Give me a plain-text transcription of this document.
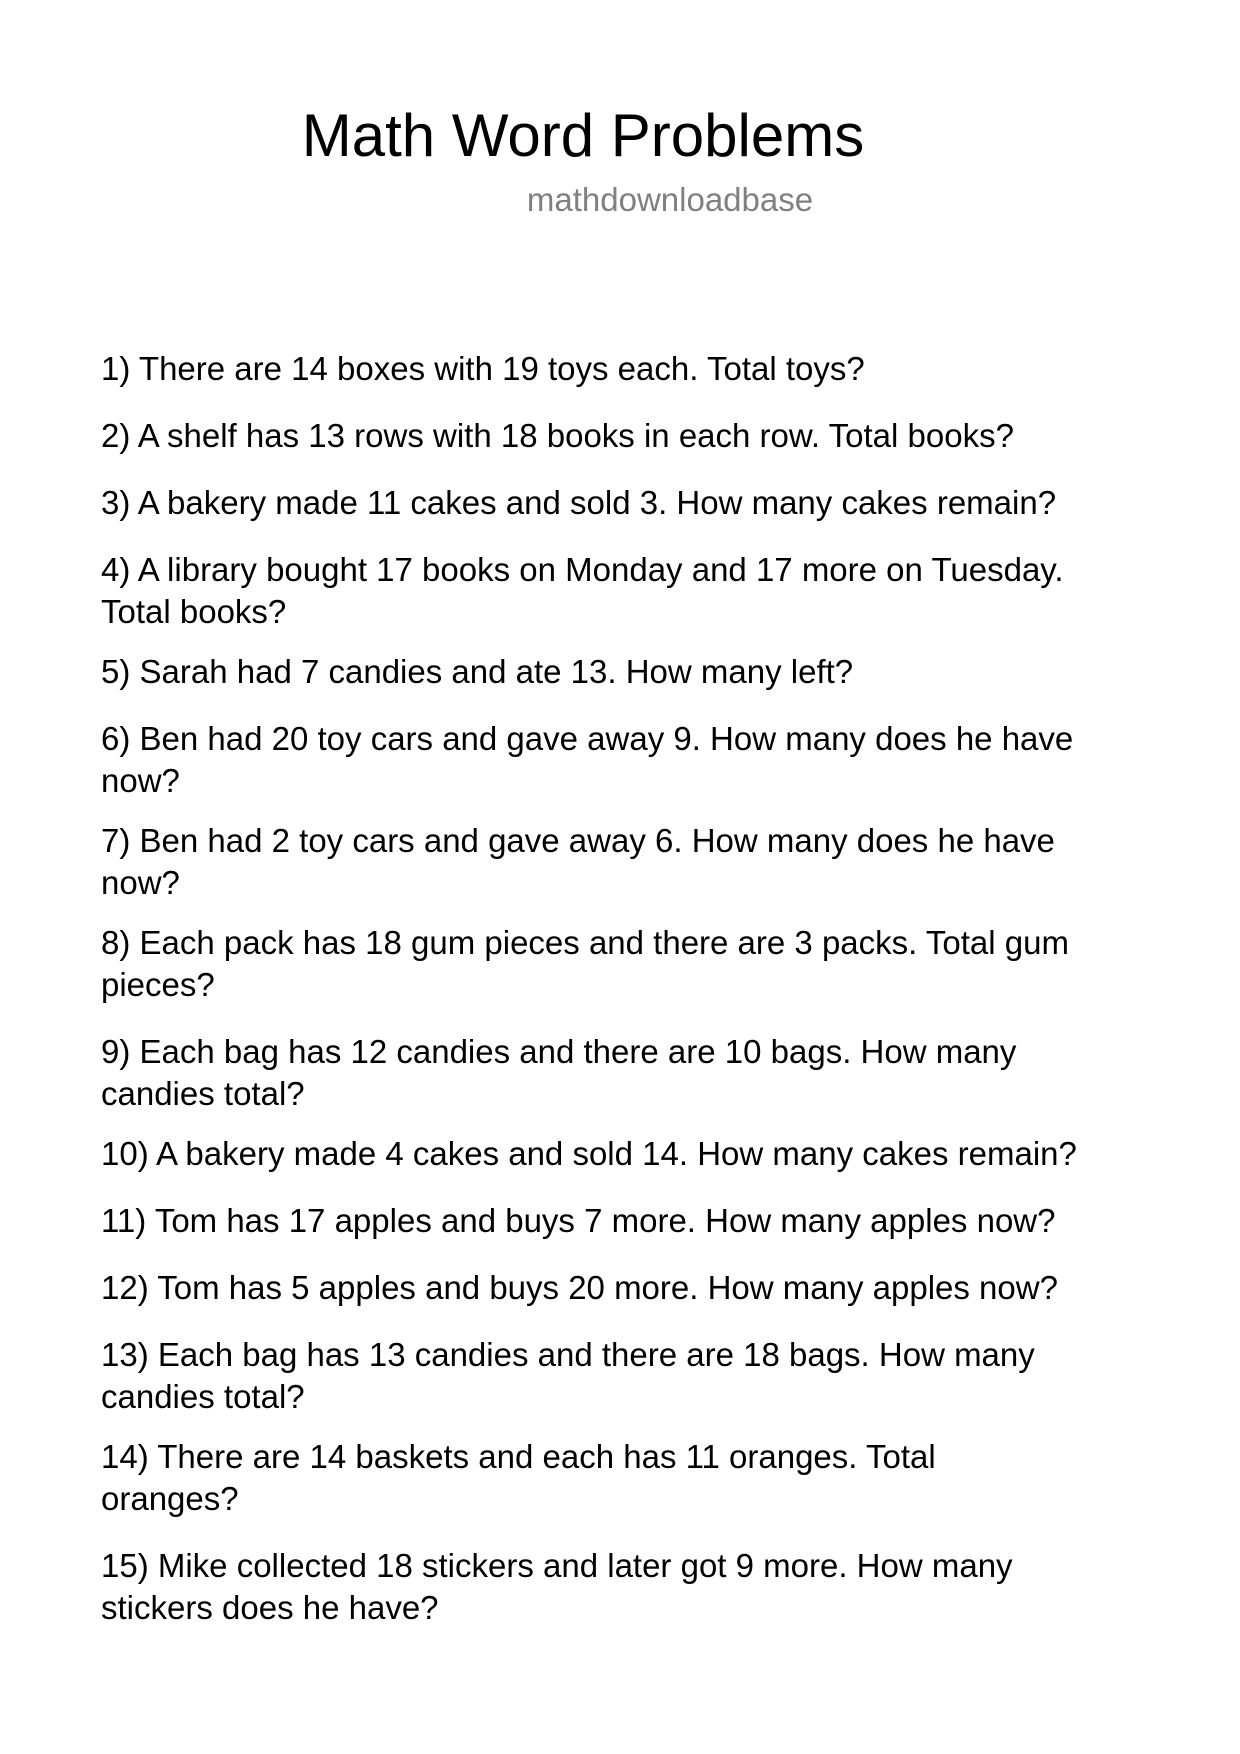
Math Word Problems
mathdownloadbase
1) There are 14 boxes with 19 toys each. Total toys?
2) A shelf has 13 rows with 18 books in each row. Total books?
3) A bakery made 11 cakes and sold 3. How many cakes remain?
4) A library bought 17 books on Monday and 17 more on Tuesday.
Total books?
5) Sarah had 7 candies and ate 13. How many left?
6) Ben had 20 toy cars and gave away 9. How many does he have
now?
7) Ben had 2 toy cars and gave away 6. How many does he have
now?
8) Each pack has 18 gum pieces and there are 3 packs. Total gum
pieces?
9) Each bag has 12 candies and there are 10 bags. How many
candies total?
10) A bakery made 4 cakes and sold 14. How many cakes remain?
11) Tom has 17 apples and buys 7 more. How many apples now?
12) Tom has 5 apples and buys 20 more. How many apples now?
13) Each bag has 13 candies and there are 18 bags. How many
candies total?
14) There are 14 baskets and each has 11 oranges. Total
oranges?
15) Mike collected 18 stickers and later got 9 more. How many
stickers does he have?
